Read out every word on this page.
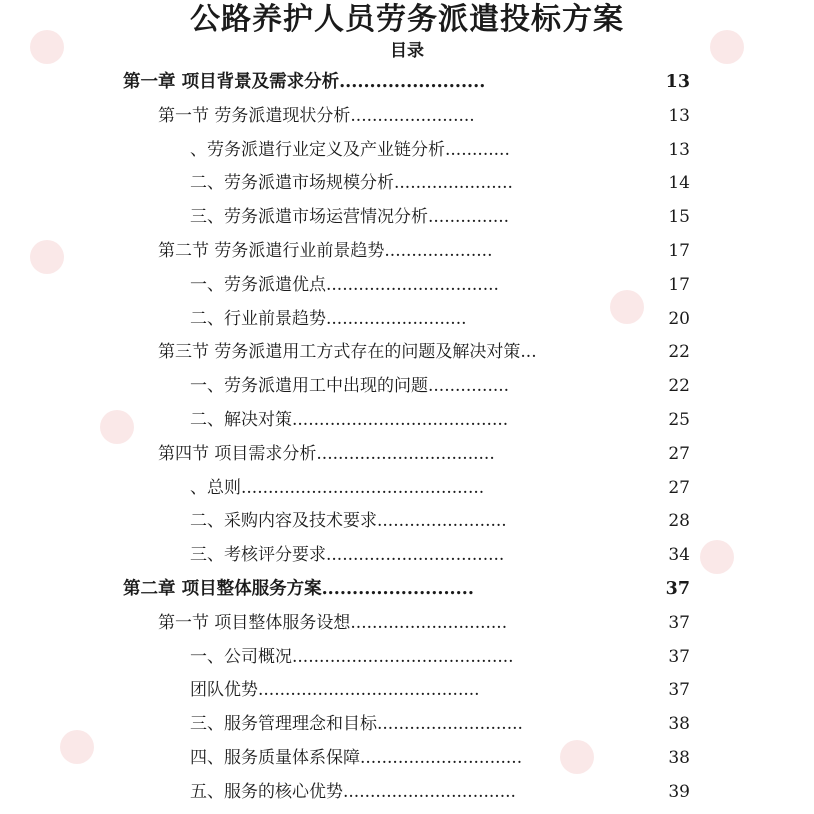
公路养护人员劳务派遣投标方案
目录
第一章 项目背景及需求分析........................	13
第一节 劳务派遣现状分析.......................	13
、劳务派遣行业定义及产业链分析............	13
二、劳务派遣市场规模分析......................	14
三、劳务派遣市场运营情况分析...............	15
第二节 劳务派遣行业前景趋势....................	17
一、劳务派遣优点................................	17
二、行业前景趋势..........................	20
第三节 劳务派遣用工方式存在的问题及解决对策...	22
一、劳务派遣用工中出现的问题...............	22
二、解决对策........................................	25
第四节 项目需求分析.................................	27
、总则.............................................	27
二、采购内容及技术要求........................	28
三、考核评分要求.................................	34
第二章 项目整体服务方案.........................	37
第一节 项目整体服务设想.............................	37
一、公司概况.........................................	37
团队优势.........................................	37
三、服务管理理念和目标...........................	38
四、服务质量体系保障..............................	38
五、服务的核心优势................................	39
